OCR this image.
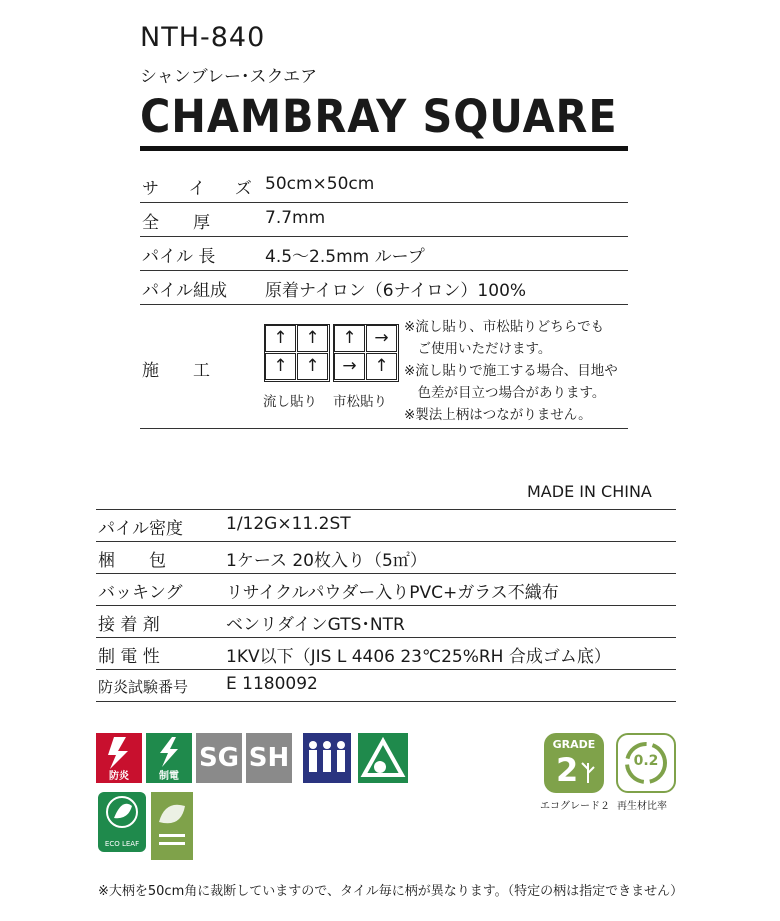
NTH-840
シャンブレー･スクエア
CHAMBRAY SQUARE
サ イ ズ 50cm×50cm
全　　厚	7.7mm
パイル 長	4.5〜2.5mm ループ
パイル組成 原着ナイロン（6ナイロン）100%
施　　工
↑	↑
↑	↑
↑	→
→	↑
流し貼り 市松貼り
※流し貼り、市松貼りどちらでも
　ご使用いただけます。
※流し貼りで施工する場合、目地や
　色差が目立つ場合があります。
※製法上柄はつながりません。
MADE IN CHINA
パイル密度	1/12G×11.2ST
梱　　包	1ケース 20枚入り（5㎡）
バッキング	リサイクルパウダー入りPVC+ガラス不織布
接 着 剤	ベンリダインGTS･NTR
制 電 性	1KV以下（JIS L 4406 23℃25%RH 合成ゴム底）
防炎試験番号 E 1180092
防炎	制電
SG SH
ECO LEAF
GRADE
2
エコグレード２
0.2
再生材比率
※大柄を50cm角に裁断していますので、タイル毎に柄が異なります。（特定の柄は指定できません）
